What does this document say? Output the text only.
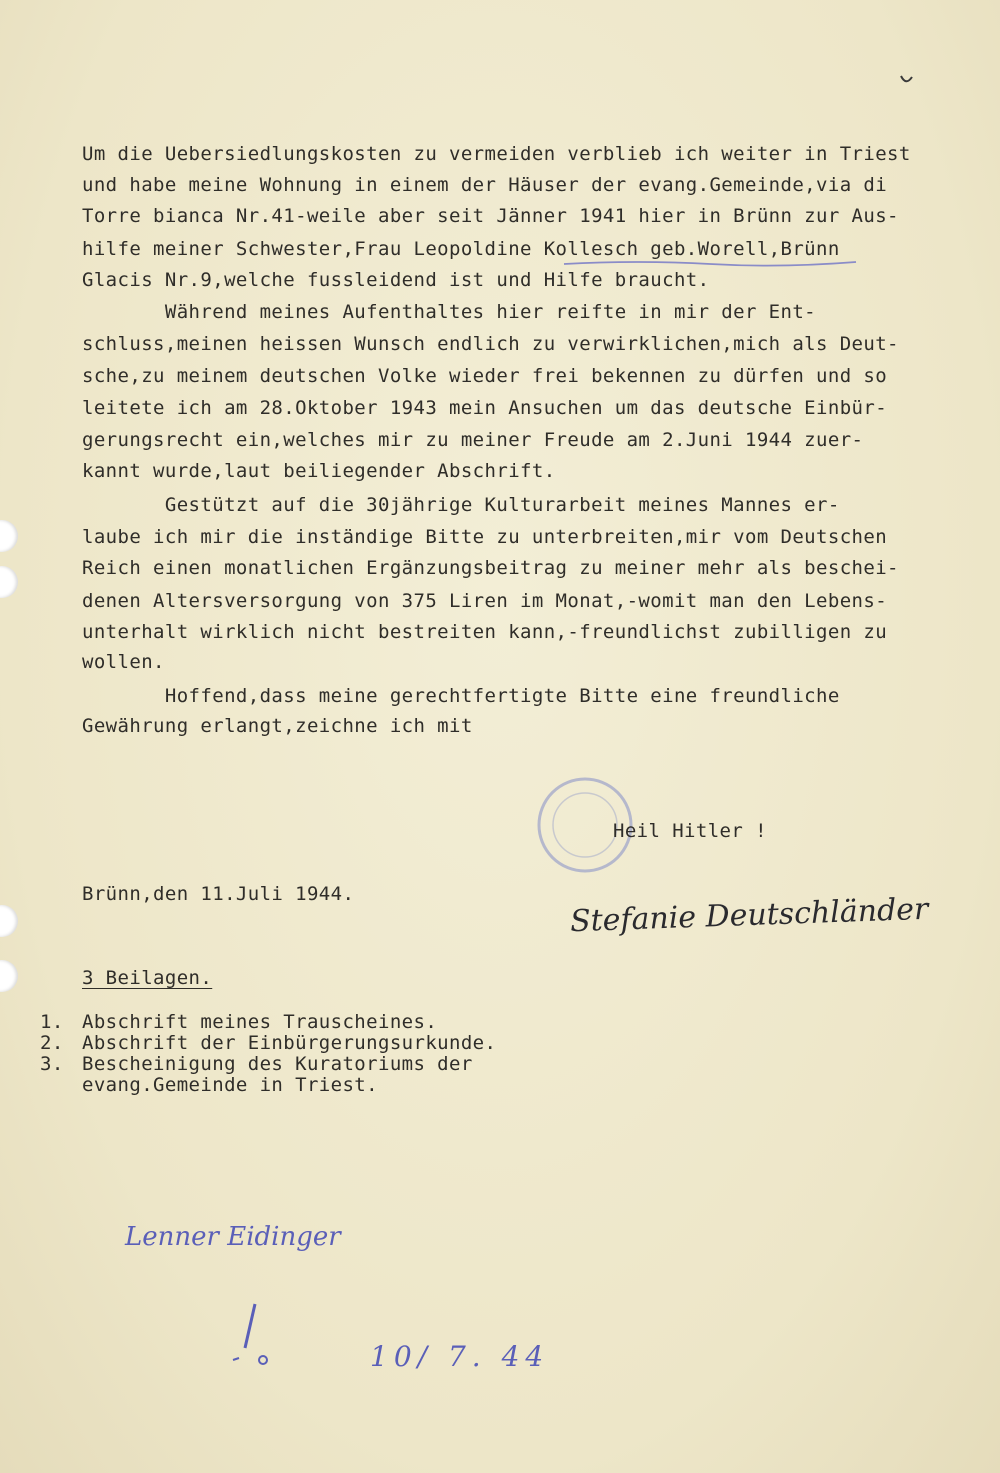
Um die Uebersiedlungskosten zu vermeiden verblieb ich weiter in Triest

und habe meine Wohnung in einem der Häuser der evang.Gemeinde,via di

Torre bianca Nr.41-weile aber seit Jänner 1941 hier in Brünn zur Aus-

hilfe meiner Schwester,Frau Leopoldine Kollesch geb.Worell,Brünn

Glacis Nr.9,welche fussleidend ist und Hilfe braucht.

Während meines Aufenthaltes hier reifte in mir der Ent-

schluss,meinen heissen Wunsch endlich zu verwirklichen,mich als Deut-

sche,zu meinem deutschen Volke wieder frei bekennen zu dürfen und so

leitete ich am 28.Oktober 1943 mein Ansuchen um das deutsche Einbür-

gerungsrecht ein,welches mir zu meiner Freude am 2.Juni 1944 zuer-

kannt wurde,laut beiliegender Abschrift.

Gestützt auf die 30jährige Kulturarbeit meines Mannes er-

laube ich mir die inständige Bitte zu unterbreiten,mir vom Deutschen

Reich einen monatlichen Ergänzungsbeitrag zu meiner mehr als beschei-

denen Altersversorgung von 375 Liren im Monat,-womit man den Lebens-

unterhalt wirklich nicht bestreiten kann,-freundlichst zubilligen zu

wollen.

Hoffend,dass meine gerechtfertigte Bitte eine freundliche

Gewährung erlangt,zeichne ich mit

Heil Hitler !

Brünn,den 11.Juli 1944.	Stefanie Deutschländer

3 Beilagen.

1. Abschrift meines Trauscheines.

2. Abschrift der Einbürgerungsurkunde.

3. Bescheinigung des Kuratoriums der

evang.Gemeinde in Triest.

Lenner Eidinger
10/ 7. 44
